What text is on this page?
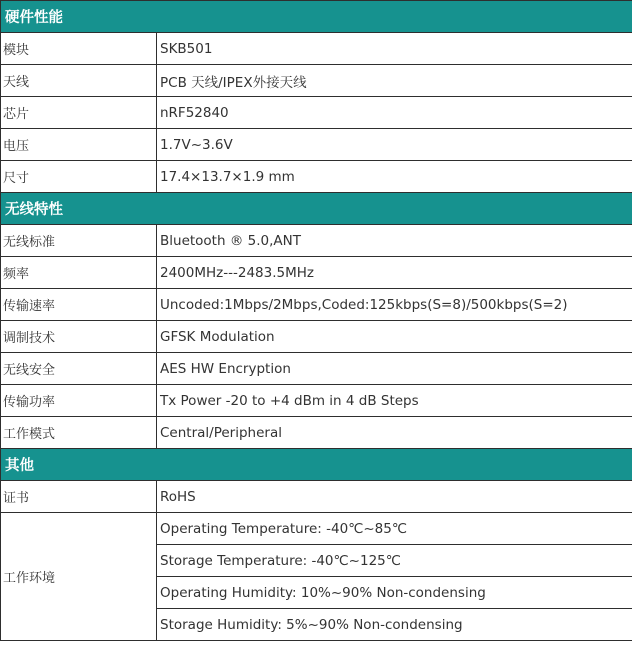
硬件性能	
模块	SKB501
天线	PCB 天线/IPEX外接天线
芯片	nRF52840
电压	1.7V~3.6V
尺寸	17.4×13.7×1.9 mm
无线特性	
无线标准	Bluetooth ® 5.0,ANT
频率	2400MHz---2483.5MHz
传输速率	Uncoded:1Mbps/2Mbps,Coded:125kbps(S=8)/500kbps(S=2)
调制技术	GFSK Modulation
无线安全	AES HW Encryption
传输功率	Tx Power -20 to +4 dBm in 4 dB Steps
工作模式	Central/Peripheral
其他	
证书	RoHS
工作环境	Operating Temperature: -40℃~85℃
	Storage Temperature: -40℃~125℃
	Operating Humidity: 10%~90% Non-condensing
	Storage Humidity: 5%~90% Non-condensing
